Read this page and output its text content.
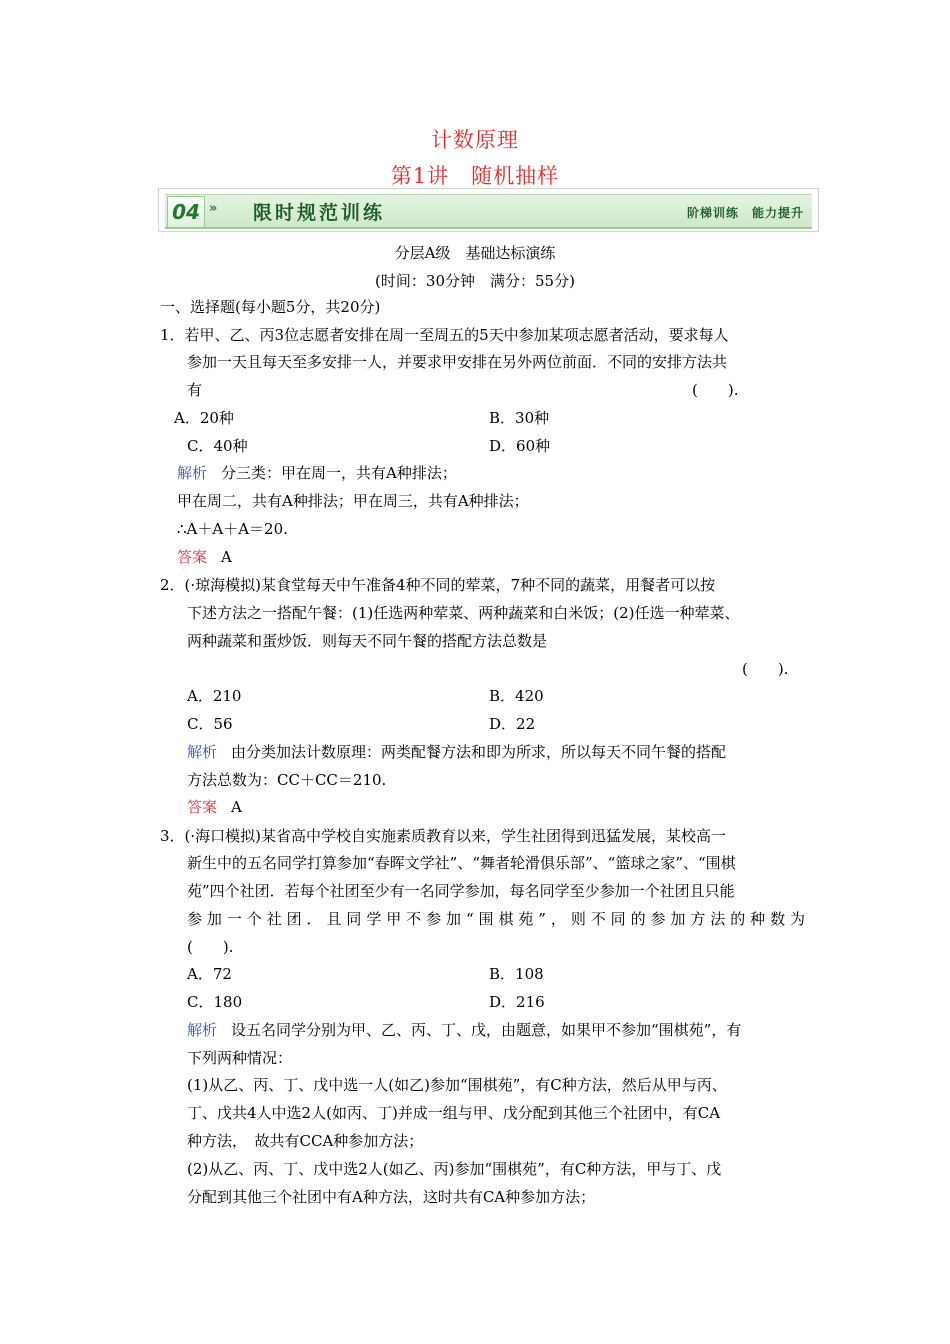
计数原理
第1讲　随机抽样
04 » 限时规范训练	阶梯训练　能力提升
分层A级　基础达标演练
(时间：30分钟　满分：55分)
一、选择题(每小题5分，共20分)
1．若甲、乙、丙3位志愿者安排在周一至周五的5天中参加某项志愿者活动，要求每人
参加一天且每天至多安排一人，并要求甲安排在另外两位前面．不同的安排方法共
有	(　　).
A．20种	B．30种
C．40种	D．60种
解析 分三类：甲在周一，共有A种排法；
甲在周二，共有A种排法；甲在周三，共有A种排法；
∴A＋A＋A＝20.
答案 A
2．(·琼海模拟)某食堂每天中午准备4种不同的荤菜，7种不同的蔬菜，用餐者可以按
下述方法之一搭配午餐：(1)任选两种荤菜、两种蔬菜和白米饭；(2)任选一种荤菜、
两种蔬菜和蛋炒饭．则每天不同午餐的搭配方法总数是
(　　).
A．210	B．420
C．56	D．22
解析 由分类加法计数原理：两类配餐方法和即为所求，所以每天不同午餐的搭配
方法总数为：CC＋CC＝210.
答案 A
3．(·海口模拟)某省高中学校自实施素质教育以来，学生社团得到迅猛发展，某校高一
新生中的五名同学打算参加“春晖文学社”、“舞者轮滑俱乐部”、“篮球之家”、“围棋
苑”四个社团．若每个社团至少有一名同学参加，每名同学至少参加一个社团且只能
参加一个社团．且同学甲不参加“围棋苑”，则不同的参加方法的种数为
(　　).
A．72	B．108
C．180	D．216
解析 设五名同学分别为甲、乙、丙、丁、戊，由题意，如果甲不参加“围棋苑”，有
下列两种情况：
(1)从乙、丙、丁、戊中选一人(如乙)参加“围棋苑”，有C种方法，然后从甲与丙、
丁、戊共4人中选2人(如丙、丁)并成一组与甲、戊分配到其他三个社团中，有CA
种方法，　故共有CCA种参加方法；
(2)从乙、丙、丁、戊中选2人(如乙、丙)参加“围棋苑”，有C种方法，甲与丁、戊
分配到其他三个社团中有A种方法，这时共有CA种参加方法；
